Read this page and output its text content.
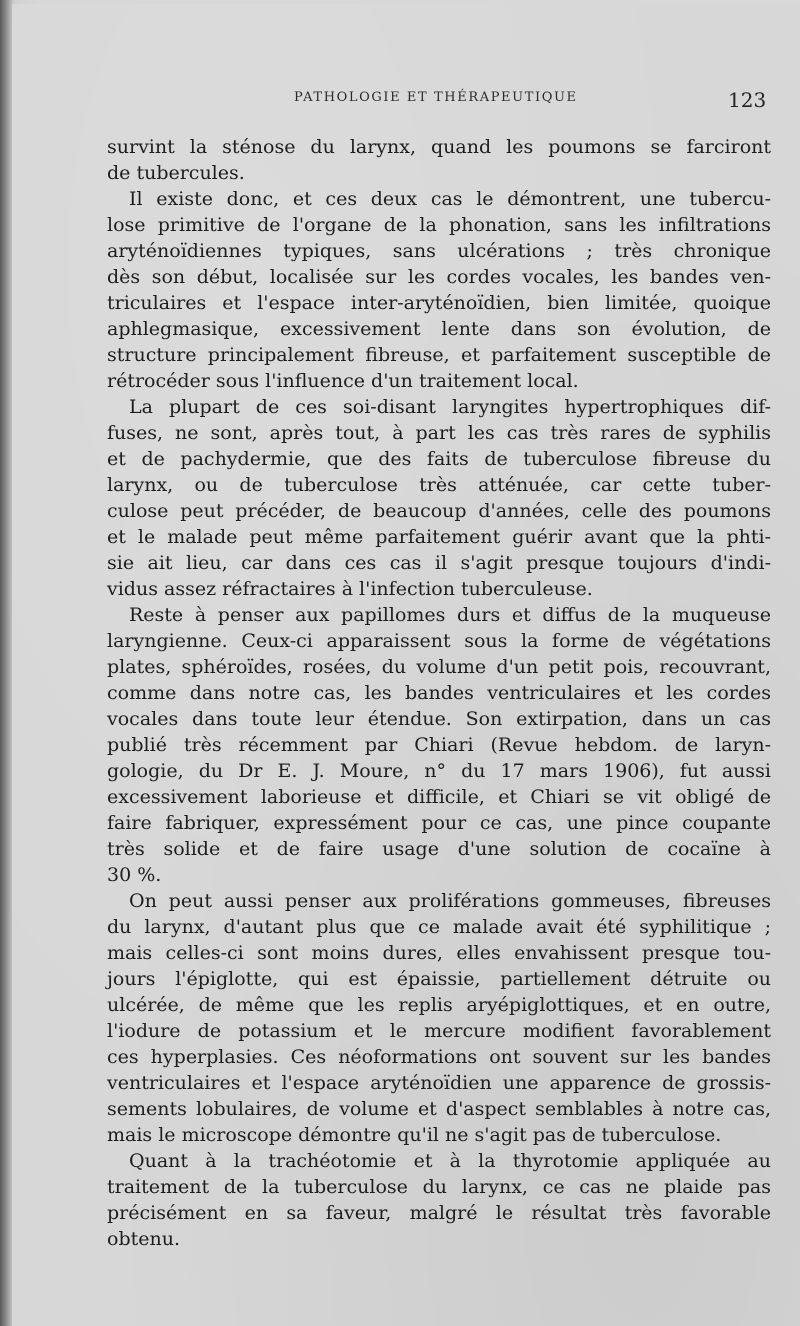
PATHOLOGIE ET THÉRAPEUTIQUE	123
survint la sténose du larynx, quand les poumons se farciront
de tubercules.
Il existe donc, et ces deux cas le démontrent, une tubercu-
lose primitive de l'organe de la phonation, sans les infiltrations
aryténoïdiennes typiques, sans ulcérations ; très chronique
dès son début, localisée sur les cordes vocales, les bandes ven-
triculaires et l'espace inter-aryténoïdien, bien limitée, quoique
aphlegmasique, excessivement lente dans son évolution, de
structure principalement fibreuse, et parfaitement susceptible de
rétrocéder sous l'influence d'un traitement local.
La plupart de ces soi-disant laryngites hypertrophiques dif-
fuses, ne sont, après tout, à part les cas très rares de syphilis
et de pachydermie, que des faits de tuberculose fibreuse du
larynx, ou de tuberculose très atténuée, car cette tuber-
culose peut précéder, de beaucoup d'années, celle des poumons
et le malade peut même parfaitement guérir avant que la phti-
sie ait lieu, car dans ces cas il s'agit presque toujours d'indi-
vidus assez réfractaires à l'infection tuberculeuse.
Reste à penser aux papillomes durs et diffus de la muqueuse
laryngienne. Ceux-ci apparaissent sous la forme de végétations
plates, sphéroïdes, rosées, du volume d'un petit pois, recouvrant,
comme dans notre cas, les bandes ventriculaires et les cordes
vocales dans toute leur étendue. Son extirpation, dans un cas
publié très récemment par Chiari (Revue hebdom. de laryn-
gologie, du Dr E. J. Moure, n° du 17 mars 1906), fut aussi
excessivement laborieuse et difficile, et Chiari se vit obligé de
faire fabriquer, expressément pour ce cas, une pince coupante
très solide et de faire usage d'une solution de cocaïne à
30 %.
On peut aussi penser aux proliférations gommeuses, fibreuses
du larynx, d'autant plus que ce malade avait été syphilitique ;
mais celles-ci sont moins dures, elles envahissent presque tou-
jours l'épiglotte, qui est épaissie, partiellement détruite ou
ulcérée, de même que les replis aryépiglottiques, et en outre,
l'iodure de potassium et le mercure modifient favorablement
ces hyperplasies. Ces néoformations ont souvent sur les bandes
ventriculaires et l'espace aryténoïdien une apparence de grossis-
sements lobulaires, de volume et d'aspect semblables à notre cas,
mais le microscope démontre qu'il ne s'agit pas de tuberculose.
Quant à la trachéotomie et à la thyrotomie appliquée au
traitement de la tuberculose du larynx, ce cas ne plaide pas
précisément en sa faveur, malgré le résultat très favorable
obtenu.
